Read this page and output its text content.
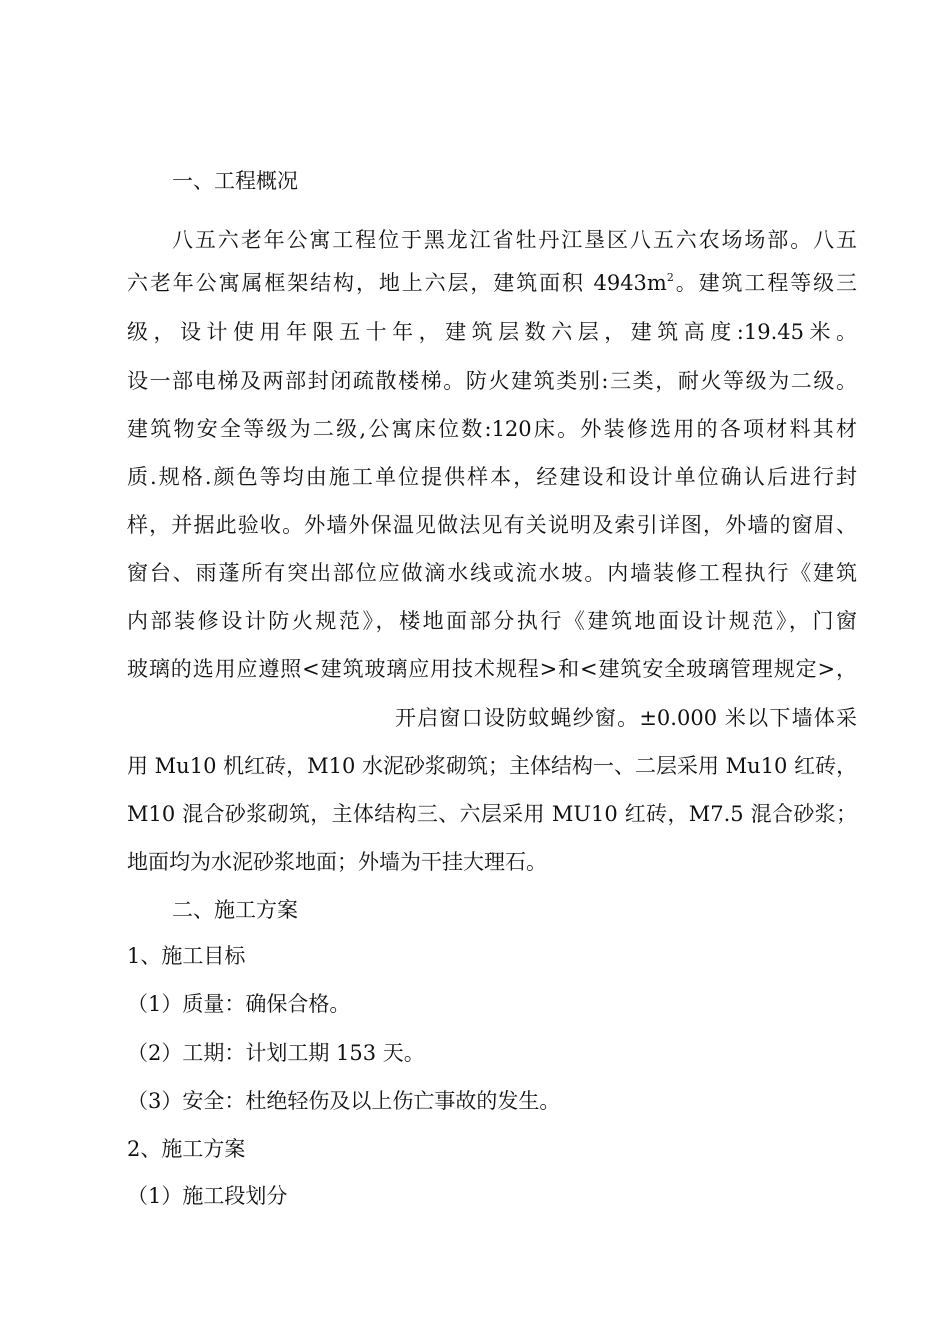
一、工程概况
八五六老年公寓工程位于黑龙江省牡丹江垦区八五六农场场部。八五
六老年公寓属框架结构，地上六层，建筑面积 $4943m^2$。建筑工程等级三
级，设计使用年限五十年，建筑层数六层，建筑高度:19.45米。
设一部电梯及两部封闭疏散楼梯。防火建筑类别:三类，耐火等级为二级。
建筑物安全等级为二级,公寓床位数:120床。外装修选用的各项材料其材
质.规格.颜色等均由施工单位提供样本，经建设和设计单位确认后进行封
样，并据此验收。外墙外保温见做法见有关说明及索引详图，外墙的窗眉、
窗台、雨蓬所有突出部位应做滴水线或流水坡。内墙装修工程执行《建筑
内部装修设计防火规范》，楼地面部分执行《建筑地面设计规范》，门窗
玻璃的选用应遵照<建筑玻璃应用技术规程>和<建筑安全玻璃管理规定>，
开启窗口设防蚊蝇纱窗。±0.000 米以下墙体采
用 Mu10 机红砖，M10 水泥砂浆砌筑；主体结构一、二层采用 Mu10 红砖，
M10 混合砂浆砌筑，主体结构三、六层采用 MU10 红砖，M7.5 混合砂浆；
地面均为水泥砂浆地面；外墙为干挂大理石。
二、施工方案
1、施工目标
（1）质量：确保合格。
（2）工期：计划工期 153 天。
（3）安全：杜绝轻伤及以上伤亡事故的发生。
2、施工方案
（1）施工段划分
